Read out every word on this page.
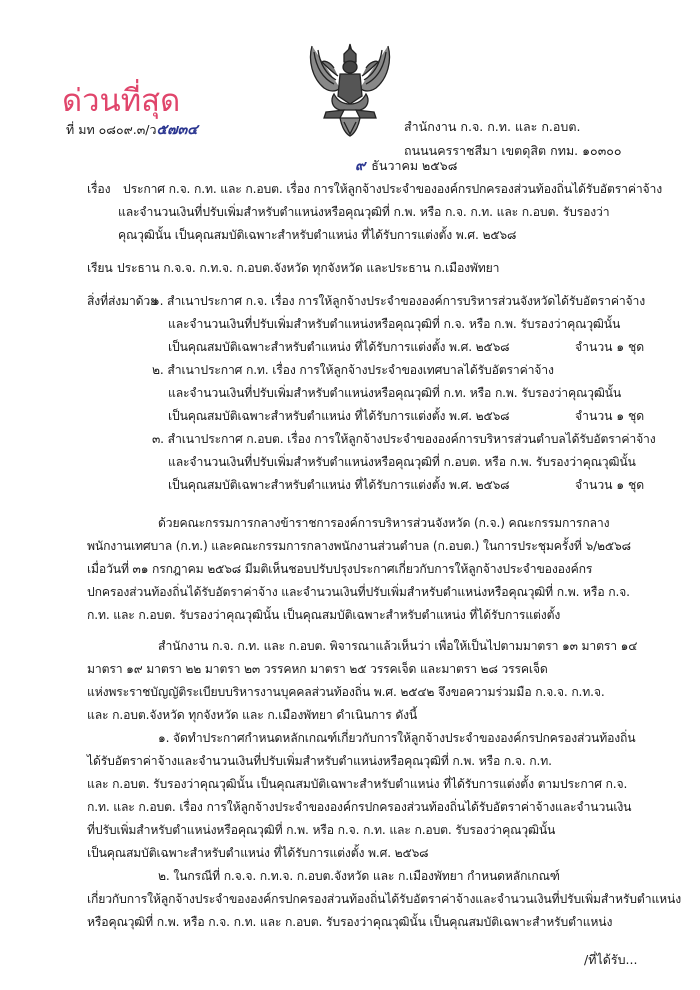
ด่วนที่สุด
ที่ มท ๐๘๐๙.๓/ว๕๗๓๔	สำนักงาน ก.จ. ก.ท. และ ก.อบต.
ถนนนครราชสีมา เขตดุสิต กทม. ๑๐๓๐๐
๙ ธันวาคม ๒๕๖๘
เรื่อง ประกาศ ก.จ. ก.ท. และ ก.อบต. เรื่อง การให้ลูกจ้างประจำขององค์กรปกครองส่วนท้องถิ่นได้รับอัตราค่าจ้าง
และจำนวนเงินที่ปรับเพิ่มสำหรับตำแหน่งหรือคุณวุฒิที่ ก.พ. หรือ ก.จ. ก.ท. และ ก.อบต. รับรองว่า
คุณวุฒินั้น เป็นคุณสมบัติเฉพาะสำหรับตำแหน่ง ที่ได้รับการแต่งตั้ง พ.ศ. ๒๕๖๘
เรียน ประธาน ก.จ.จ. ก.ท.จ. ก.อบต.จังหวัด ทุกจังหวัด และประธาน ก.เมืองพัทยา
สิ่งที่ส่งมาด้วย
๑. สำเนาประกาศ ก.จ. เรื่อง การให้ลูกจ้างประจำขององค์การบริหารส่วนจังหวัดได้รับอัตราค่าจ้าง
และจำนวนเงินที่ปรับเพิ่มสำหรับตำแหน่งหรือคุณวุฒิที่ ก.จ. หรือ ก.พ. รับรองว่าคุณวุฒินั้น
เป็นคุณสมบัติเฉพาะสำหรับตำแหน่ง ที่ได้รับการแต่งตั้ง พ.ศ. ๒๕๖๘	จำนวน ๑ ชุด
๒. สำเนาประกาศ ก.ท. เรื่อง การให้ลูกจ้างประจำของเทศบาลได้รับอัตราค่าจ้าง
และจำนวนเงินที่ปรับเพิ่มสำหรับตำแหน่งหรือคุณวุฒิที่ ก.ท. หรือ ก.พ. รับรองว่าคุณวุฒินั้น
เป็นคุณสมบัติเฉพาะสำหรับตำแหน่ง ที่ได้รับการแต่งตั้ง พ.ศ. ๒๕๖๘	จำนวน ๑ ชุด
๓. สำเนาประกาศ ก.อบต. เรื่อง การให้ลูกจ้างประจำขององค์การบริหารส่วนตำบลได้รับอัตราค่าจ้าง
และจำนวนเงินที่ปรับเพิ่มสำหรับตำแหน่งหรือคุณวุฒิที่ ก.อบต. หรือ ก.พ. รับรองว่าคุณวุฒินั้น
เป็นคุณสมบัติเฉพาะสำหรับตำแหน่ง ที่ได้รับการแต่งตั้ง พ.ศ. ๒๕๖๘	จำนวน ๑ ชุด
ด้วยคณะกรรมการกลางข้าราชการองค์การบริหารส่วนจังหวัด (ก.จ.) คณะกรรมการกลาง
พนักงานเทศบาล (ก.ท.) และคณะกรรมการกลางพนักงานส่วนตำบล (ก.อบต.) ในการประชุมครั้งที่ ๖/๒๕๖๘
เมื่อวันที่ ๓๑ กรกฎาคม ๒๕๖๘ มีมติเห็นชอบปรับปรุงประกาศเกี่ยวกับการให้ลูกจ้างประจำขององค์กร
ปกครองส่วนท้องถิ่นได้รับอัตราค่าจ้าง และจำนวนเงินที่ปรับเพิ่มสำหรับตำแหน่งหรือคุณวุฒิที่ ก.พ. หรือ ก.จ.
ก.ท. และ ก.อบต. รับรองว่าคุณวุฒินั้น เป็นคุณสมบัติเฉพาะสำหรับตำแหน่ง ที่ได้รับการแต่งตั้ง
สำนักงาน ก.จ. ก.ท. และ ก.อบต. พิจารณาแล้วเห็นว่า เพื่อให้เป็นไปตามมาตรา ๑๓ มาตรา ๑๔
มาตรา ๑๙ มาตรา ๒๒ มาตรา ๒๓ วรรคหก มาตรา ๒๕ วรรคเจ็ด และมาตรา ๒๘ วรรคเจ็ด
แห่งพระราชบัญญัติระเบียบบริหารงานบุคคลส่วนท้องถิ่น พ.ศ. ๒๕๔๒ จึงขอความร่วมมือ ก.จ.จ. ก.ท.จ.
และ ก.อบต.จังหวัด ทุกจังหวัด และ ก.เมืองพัทยา ดำเนินการ ดังนี้
๑. จัดทำประกาศกำหนดหลักเกณฑ์เกี่ยวกับการให้ลูกจ้างประจำขององค์กรปกครองส่วนท้องถิ่น
ได้รับอัตราค่าจ้างและจำนวนเงินที่ปรับเพิ่มสำหรับตำแหน่งหรือคุณวุฒิที่ ก.พ. หรือ ก.จ. ก.ท.
และ ก.อบต. รับรองว่าคุณวุฒินั้น เป็นคุณสมบัติเฉพาะสำหรับตำแหน่ง ที่ได้รับการแต่งตั้ง ตามประกาศ ก.จ.
ก.ท. และ ก.อบต. เรื่อง การให้ลูกจ้างประจำขององค์กรปกครองส่วนท้องถิ่นได้รับอัตราค่าจ้างและจำนวนเงิน
ที่ปรับเพิ่มสำหรับตำแหน่งหรือคุณวุฒิที่ ก.พ. หรือ ก.จ. ก.ท. และ ก.อบต. รับรองว่าคุณวุฒินั้น
เป็นคุณสมบัติเฉพาะสำหรับตำแหน่ง ที่ได้รับการแต่งตั้ง พ.ศ. ๒๕๖๘
๒. ในกรณีที่ ก.จ.จ. ก.ท.จ. ก.อบต.จังหวัด และ ก.เมืองพัทยา กำหนดหลักเกณฑ์
เกี่ยวกับการให้ลูกจ้างประจำขององค์กรปกครองส่วนท้องถิ่นได้รับอัตราค่าจ้างและจำนวนเงินที่ปรับเพิ่มสำหรับตำแหน่ง
หรือคุณวุฒิที่ ก.พ. หรือ ก.จ. ก.ท. และ ก.อบต. รับรองว่าคุณวุฒินั้น เป็นคุณสมบัติเฉพาะสำหรับตำแหน่ง
/ที่ได้รับ...
